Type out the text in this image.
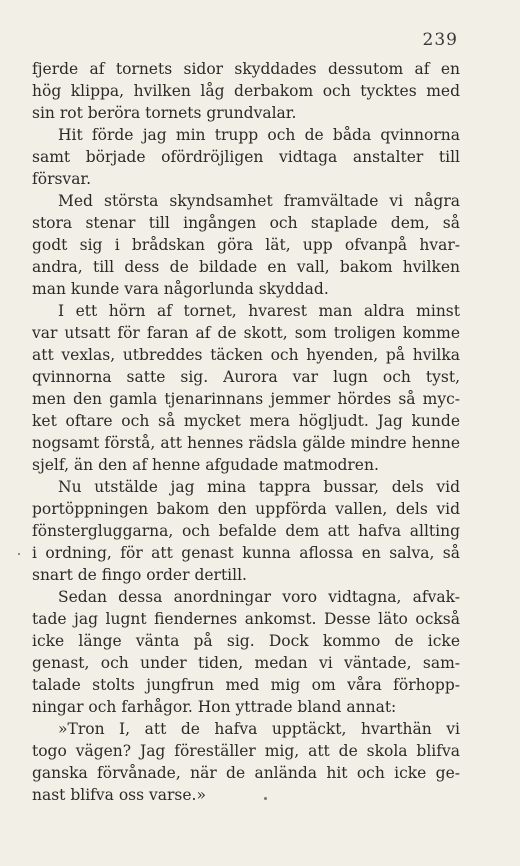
239
fjerde af tornets sidor skyddades dessutom af en
hög klippa, hvilken låg derbakom och tycktes med
sin rot beröra tornets grundvalar.
Hit förde jag min trupp och de båda qvinnorna
samt började ofördröjligen vidtaga anstalter till
försvar.
Med största skyndsamhet framvältade vi några
stora stenar till ingången och staplade dem, så
godt sig i brådskan göra lät, upp ofvanpå hvar-
andra, till dess de bildade en vall, bakom hvilken
man kunde vara någorlunda skyddad.
I ett hörn af tornet, hvarest man aldra minst
var utsatt för faran af de skott, som troligen komme
att vexlas, utbreddes täcken och hyenden, på hvilka
qvinnorna satte sig. Aurora var lugn och tyst,
men den gamla tjenarinnans jemmer hördes så myc-
ket oftare och så mycket mera högljudt. Jag kunde
nogsamt förstå, att hennes rädsla gälde mindre henne
sjelf, än den af henne afgudade matmodren.
Nu utstälde jag mina tappra bussar, dels vid
portöppningen bakom den uppförda vallen, dels vid
fönstergluggarna, och befalde dem att hafva allting
i ordning, för att genast kunna aflossa en salva, så
snart de fingo order dertill.
Sedan dessa anordningar voro vidtagna, afvak-
tade jag lugnt fiendernes ankomst. Desse läto också
icke länge vänta på sig. Dock kommo de icke
genast, och under tiden, medan vi väntade, sam-
talade stolts jungfrun med mig om våra förhopp-
ningar och farhågor. Hon yttrade bland annat:
»Tron I, att de hafva upptäckt, hvarthän vi
togo vägen? Jag föreställer mig, att de skola blifva
ganska förvånade, när de anlända hit och icke ge-
nast blifva oss varse.»
